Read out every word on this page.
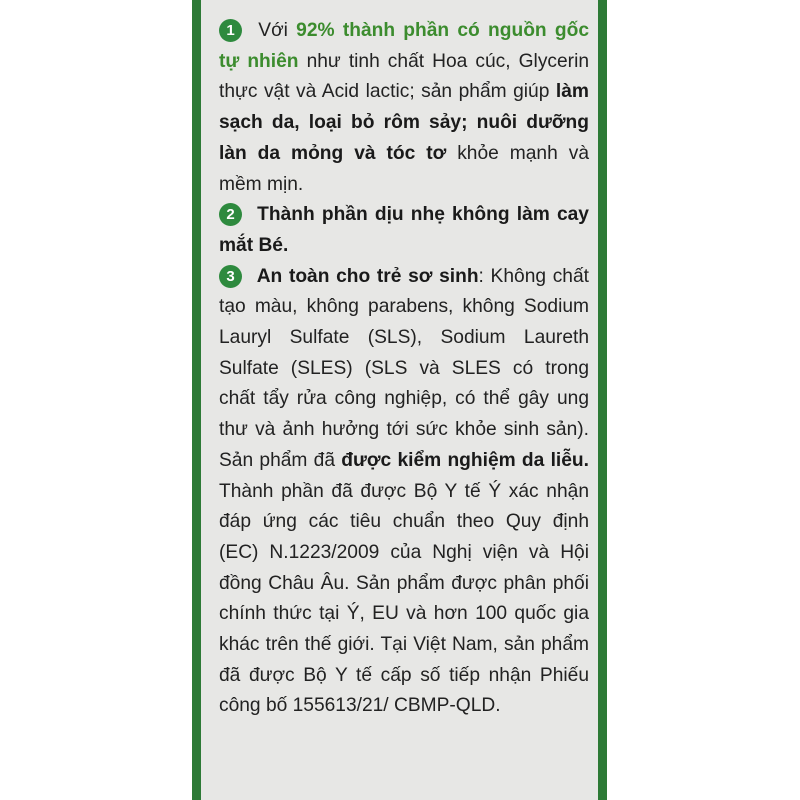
1 Với 92% thành phần có nguồn gốc tự nhiên như tinh chất Hoa cúc, Glycerin thực vật và Acid lactic; sản phẩm giúp làm sạch da, loại bỏ rôm sảy; nuôi dưỡng làn da mỏng và tóc tơ khỏe mạnh và mềm mịn.

2 Thành phần dịu nhẹ không làm cay mắt Bé.

3 An toàn cho trẻ sơ sinh: Không chất tạo màu, không parabens, không Sodium Lauryl Sulfate (SLS), Sodium Laureth Sulfate (SLES) (SLS và SLES có trong chất tẩy rửa công nghiệp, có thể gây ung thư và ảnh hưởng tới sức khỏe sinh sản). Sản phẩm đã được kiểm nghiệm da liễu. Thành phần đã được Bộ Y tế Ý xác nhận đáp ứng các tiêu chuẩn theo Quy định (EC) N.1223/2009 của Nghị viện và Hội đồng Châu Âu. Sản phẩm được phân phối chính thức tại Ý, EU và hơn 100 quốc gia khác trên thế giới. Tại Việt Nam, sản phẩm đã được Bộ Y tế cấp số tiếp nhận Phiếu công bố 155613/21/ CBMP-QLD.
